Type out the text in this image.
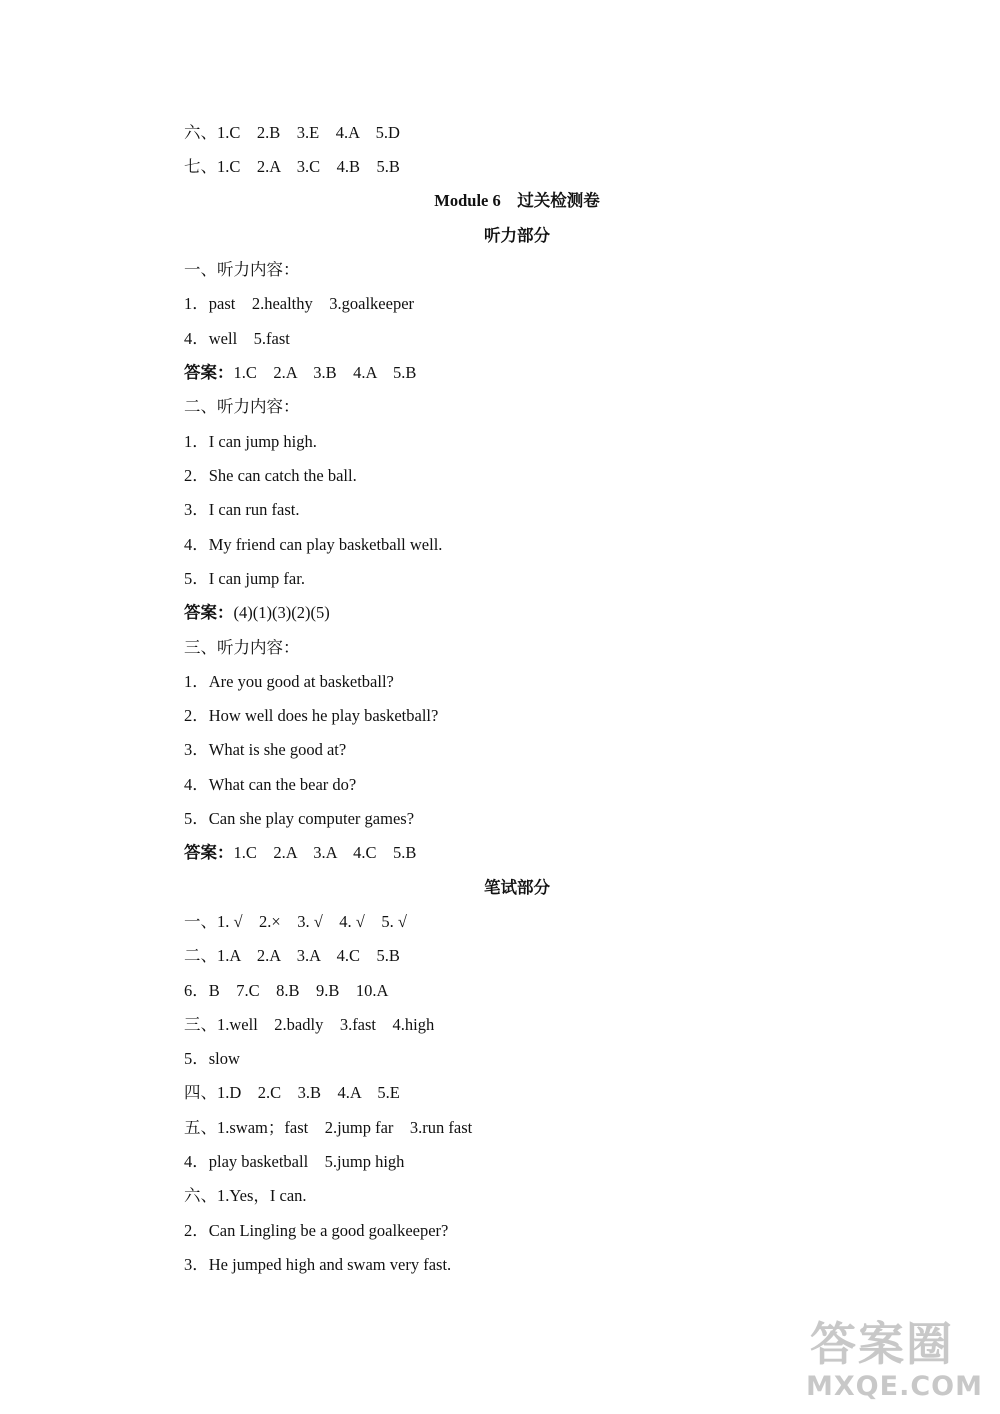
六、1.C    2.B    3.E    4.A    5.D
七、1.C    2.A    3.C    4.B    5.B
Module 6    过关检测卷
听力部分
一、听力内容：
1．past    2.healthy    3.goalkeeper
4．well    5.fast
答案：1.C    2.A    3.B    4.A    5.B
二、听力内容：
1．I can jump high.
2．She can catch the ball.
3．I can run fast.
4．My friend can play basketball well.
5．I can jump far.
答案：(4)(1)(3)(2)(5)
三、听力内容：
1．Are you good at basketball?
2．How well does he play basketball?
3．What is she good at?
4．What can the bear do?
5．Can she play computer games?
答案：1.C    2.A    3.A    4.C    5.B
笔试部分
一、1. √    2.×    3. √    4. √    5. √
二、1.A    2.A    3.A    4.C    5.B
6．B    7.C    8.B    9.B    10.A
三、1.well    2.badly    3.fast    4.high
5．slow
四、1.D    2.C    3.B    4.A    5.E
五、1.swam；fast    2.jump far    3.run fast
4．play basketball    5.jump high
六、1.Yes，I can.
2．Can Lingling be a good goalkeeper?
3．He jumped high and swam very fast.
答案圈
MXQE.COM
